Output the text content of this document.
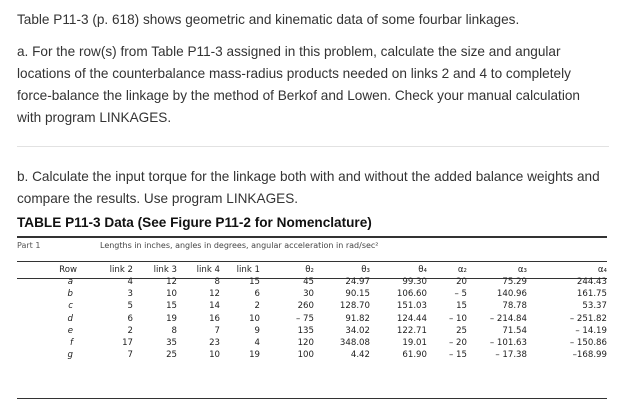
Table P11-3 (p. 618) shows geometric and kinematic data of some fourbar linkages.
a. For the row(s) from Table P11-3 assigned in this problem, calculate the size and angular locations of the counterbalance mass-radius products needed on links 2 and 4 to completely force-balance the linkage by the method of Berkof and Lowen. Check your manual calculation with program LINKAGES.
b. Calculate the input torque for the linkage both with and without the added balance weights and compare the results. Use program LINKAGES.
TABLE P11-3 Data (See Figure P11-2 for Nomenclature)
Part 1	Lengths in inches, angles in degrees, angular acceleration in rad/sec²
Row	link 2	link 3	link 4	link 1	θ₂	θ₃	θ₄	α₂	α₃	α₄
a	4	12	8	15	45	24.97	99.30	20	75.29	244.43
b	3	10	12	6	30	90.15	106.60	– 5	140.96	161.75
c	5	15	14	2	260	128.70	151.03	15	78.78	53.37
d	6	19	16	10	– 75	91.82	124.44	– 10	– 214.84	– 251.82
e	2	8	7	9	135	34.02	122.71	25	71.54	– 14.19
f	17	35	23	4	120	348.08	19.01	– 20	– 101.63	– 150.86
g	7	25	10	19	100	4.42	61.90	– 15	– 17.38	–168.99
